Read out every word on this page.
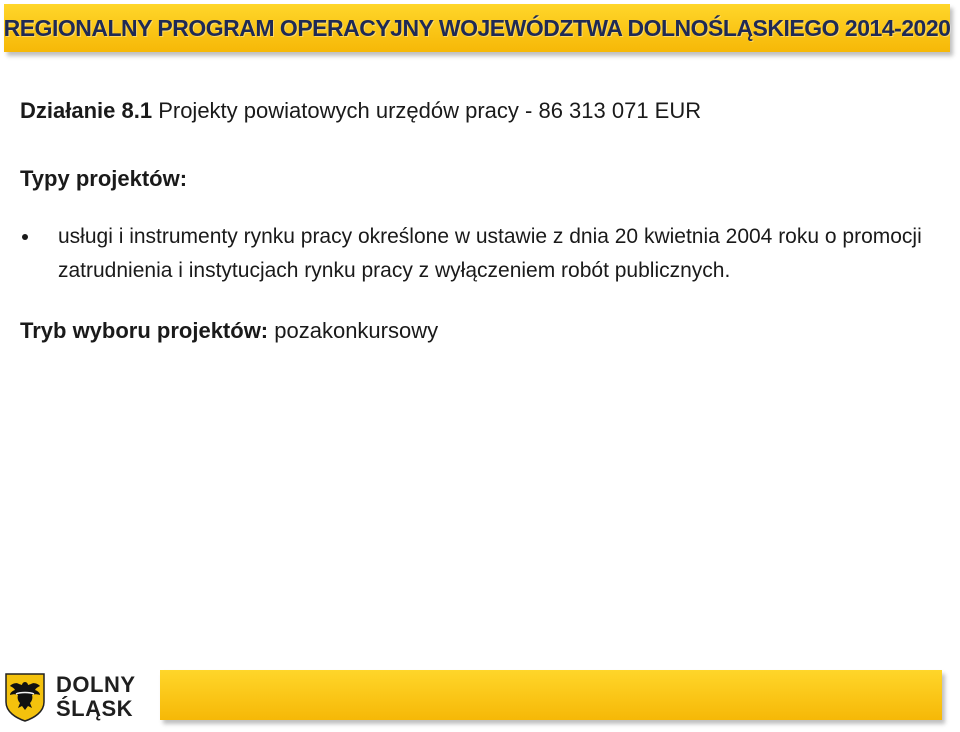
REGIONALNY PROGRAM OPERACYJNY WOJEWÓDZTWA DOLNOŚLĄSKIEGO 2014-2020

Działanie 8.1 Projekty powiatowych urzędów pracy - 86 313 071 EUR

Typy projektów:
usługi i instrumenty rynku pracy określone w ustawie z dnia 20 kwietnia 2004 roku o promocji zatrudnienia i instytucjach rynku pracy z wyłączeniem robót publicznych.
Tryb wyboru projektów: pozakonkursowy
DOLNY
ŚLĄSK
